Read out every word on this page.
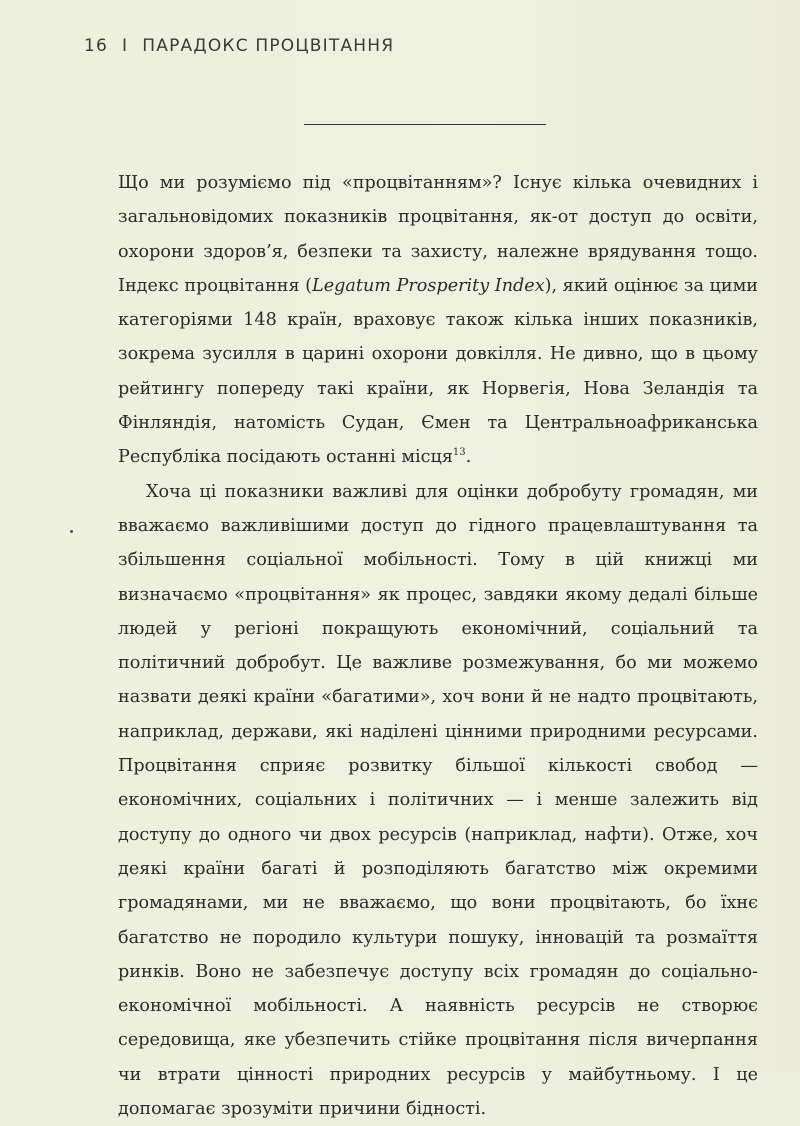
16 I ПАРАДОКС ПРОЦВІТАННЯ

Що ми розуміємо під «процвітанням»? Існує кілька очевидних і загальновідомих показників процвітання, як-от доступ до освіти, охорони здоров’я, безпеки та захисту, належне врядування тощо. Індекс процвітання (Legatum Prosperity Index), який оцінює за цими категоріями 148 країн, враховує також кілька інших показників, зокрема зусилля в царині охорони довкілля. Не дивно, що в цьому рейтингу попереду такі країни, як Норвегія, Нова Зеландія та Фінляндія, натомість Судан, Ємен та Центральноафриканська Республіка посідають останні місця$^{13}$.

Хоча ці показники важливі для оцінки добробуту громадян, ми вважаємо важливішими доступ до гідного працевлаштування та збільшення соціальної мобільності. Тому в цій книжці ми визначаємо «процвітання» як процес, завдяки якому дедалі більше людей у регіоні покращують економічний, соціальний та політичний добробут. Це важливе розмежування, бо ми можемо назвати деякі країни «багатими», хоч вони й не надто процвітають, наприклад, держави, які наділені цінними природними ресурсами. Процвітання сприяє розвитку більшої кількості свобод — економічних, соціальних і політичних — і менше залежить від доступу до одного чи двох ресурсів (наприклад, нафти). Отже, хоч деякі країни багаті й розподіляють багатство між окремими громадянами, ми не вважаємо, що вони процвітають, бо їхнє багатство не породило культури пошуку, інновацій та розмаїття ринків. Воно не забезпечує доступу всіх громадян до соціально-економічної мобільності. А наявність ресурсів не створює середовища, яке убезпечить стійке процвітання після вичерпання чи втрати цінності природних ресурсів у майбутньому. І це допомагає зрозуміти причини бідності.
